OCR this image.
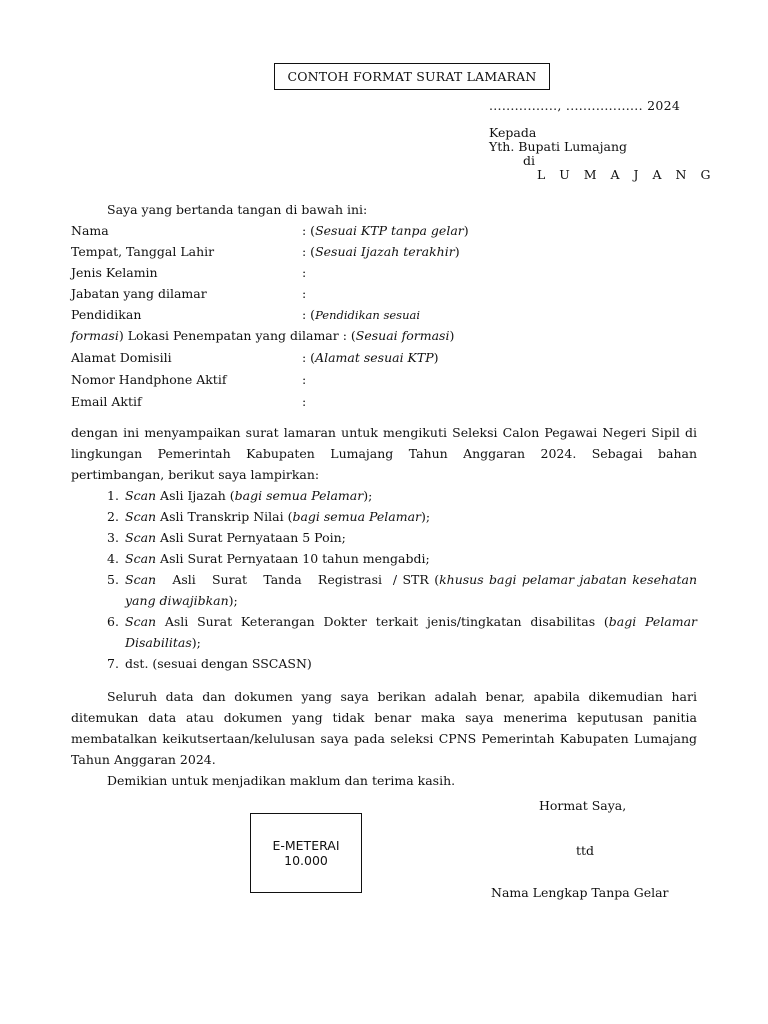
CONTOH FORMAT SURAT LAMARAN
................, .................. 2024
Kepada
Yth. Bupati Lumajang
di
L U M A J A N G
Saya yang bertanda tangan di bawah ini:
Nama	: (Sesuai KTP tanpa gelar)
Tempat, Tanggal Lahir	: (Sesuai Ijazah terakhir)
Jenis Kelamin	:
Jabatan yang dilamar	:
Pendidikan	: (Pendidikan sesuai
formasi) Lokasi Penempatan yang dilamar : (Sesuai formasi)
Alamat Domisili	: (Alamat sesuai KTP)
Nomor Handphone Aktif	:
Email Aktif	:

dengan ini menyampaikan surat lamaran untuk mengikuti Seleksi Calon Pegawai Negeri Sipil di lingkungan Pemerintah Kabupaten Lumajang Tahun Anggaran 2024. Sebagai bahan pertimbangan, berikut saya lampirkan:

1. Scan Asli Ijazah (bagi semua Pelamar);
2. Scan Asli Transkrip Nilai (bagi semua Pelamar);
3. Scan Asli Surat Pernyataan 5 Poin;
4. Scan Asli Surat Pernyataan 10 tahun mengabdi;
5. Scan   Asli   Surat   Tanda   Registrasi  / STR (khusus bagi pelamar jabatan kesehatan yang diwajibkan);
6. Scan Asli Surat Keterangan Dokter terkait jenis/tingkatan disabilitas (bagi Pelamar Disabilitas);
7. dst. (sesuai dengan SSCASN)

Seluruh data dan dokumen yang saya berikan adalah benar, apabila dikemudian hari ditemukan data atau dokumen yang tidak benar maka saya menerima keputusan panitia membatalkan keikutsertaan/kelulusan saya pada seleksi CPNS Pemerintah Kabupaten Lumajang Tahun Anggaran 2024.

Demikian untuk menjadikan maklum dan terima kasih.

Hormat Saya,
ttd
Nama Lengkap Tanpa Gelar
E-METERAI
10.000
